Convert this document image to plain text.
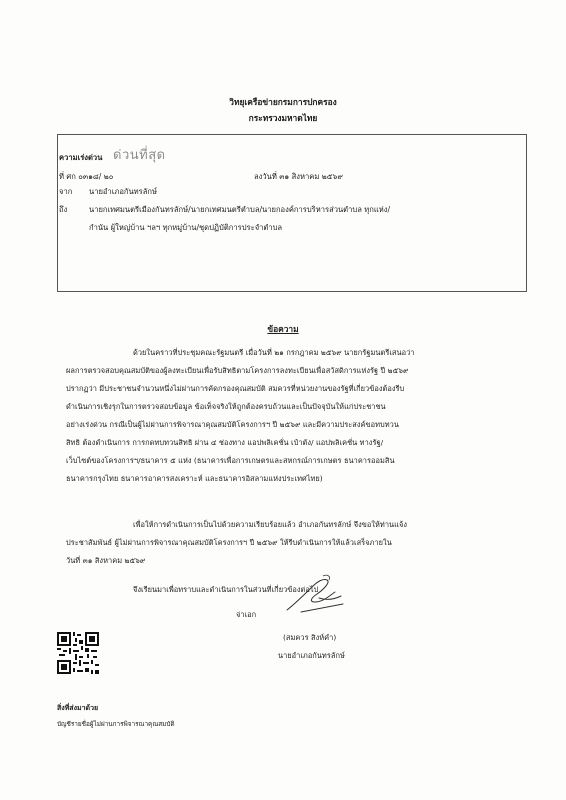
วิทยุเครือข่ายกรมการปกครอง
กระทรวงมหาดไทย
ความเร่งด่วน ด่วนที่สุด
ที่ ศก ๐๓๑๘/ ๒๐	ลงวันที่ ๓๑ สิงหาคม ๒๕๖๙
จาก นายอำเภอกันทรลักษ์
ถึง	นายกเทศมนตรีเมืองกันทรลักษ์/นายกเทศมนตรีตำบล/นายกองค์การบริหารส่วนตำบล ทุกแห่ง/
กำนัน ผู้ใหญ่บ้าน ฯลฯ ทุกหมู่บ้าน/ชุดปฏิบัติการประจำตำบล
ข้อความ
ด้วยในคราวที่ประชุมคณะรัฐมนตรี เมื่อวันที่ ๒๑ กรกฎาคม ๒๕๖๙ นายกรัฐมนตรีเสนอว่า
ผลการตรวจสอบคุณสมบัติของผู้ลงทะเบียนเพื่อรับสิทธิตามโครงการลงทะเบียนเพื่อสวัสดิการแห่งรัฐ ปี ๒๕๖๙
ปรากฏว่า มีประชาชนจำนวนหนึ่งไม่ผ่านการคัดกรองคุณสมบัติ สมควรที่หน่วยงานของรัฐที่เกี่ยวข้องต้องรีบ
ดำเนินการเชิงรุกในการตรวจสอบข้อมูล ข้อเท็จจริงให้ถูกต้องครบถ้วนและเป็นปัจจุบันให้แก่ประชาชน
อย่างเร่งด่วน กรณีเป็นผู้ไม่ผ่านการพิจารณาคุณสมบัติโครงการฯ ปี ๒๕๖๙ และมีความประสงค์ขอทบทวน
สิทธิ ต้องดำเนินการ การกดทบทวนสิทธิ ผ่าน ๔ ช่องทาง แอปพลิเคชั่น เป๋าตัง/ แอปพลิเคชั่น ทางรัฐ/
เว็บไซต์ของโครงการฯ/ธนาคาร ๕ แห่ง (ธนาคารเพื่อการเกษตรและสหกรณ์การเกษตร ธนาคารออมสิน
ธนาคารกรุงไทย ธนาคารอาคารสงเคราะห์ และธนาคารอิสลามแห่งประเทศไทย)
เพื่อให้การดำเนินการเป็นไปด้วยความเรียบร้อยแล้ว อำเภอกันทรลักษ์ จึงขอให้ท่านแจ้ง
ประชาสัมพันธ์ ผู้ไม่ผ่านการพิจารณาคุณสมบัติโครงการฯ ปี ๒๕๖๙ ให้รีบดำเนินการให้แล้วเสร็จภายใน
วันที่ ๓๑ สิงหาคม ๒๕๖๙
จึงเรียนมาเพื่อทราบและดำเนินการในส่วนที่เกี่ยวข้องต่อไป
จ่าเอก
(สมควร สิงห์คำ)
นายอำเภอกันทรลักษ์
สิ่งที่ส่งมาด้วย
บัญชีรายชื่อผู้ไม่ผ่านการพิจารณาคุณสมบัติ
